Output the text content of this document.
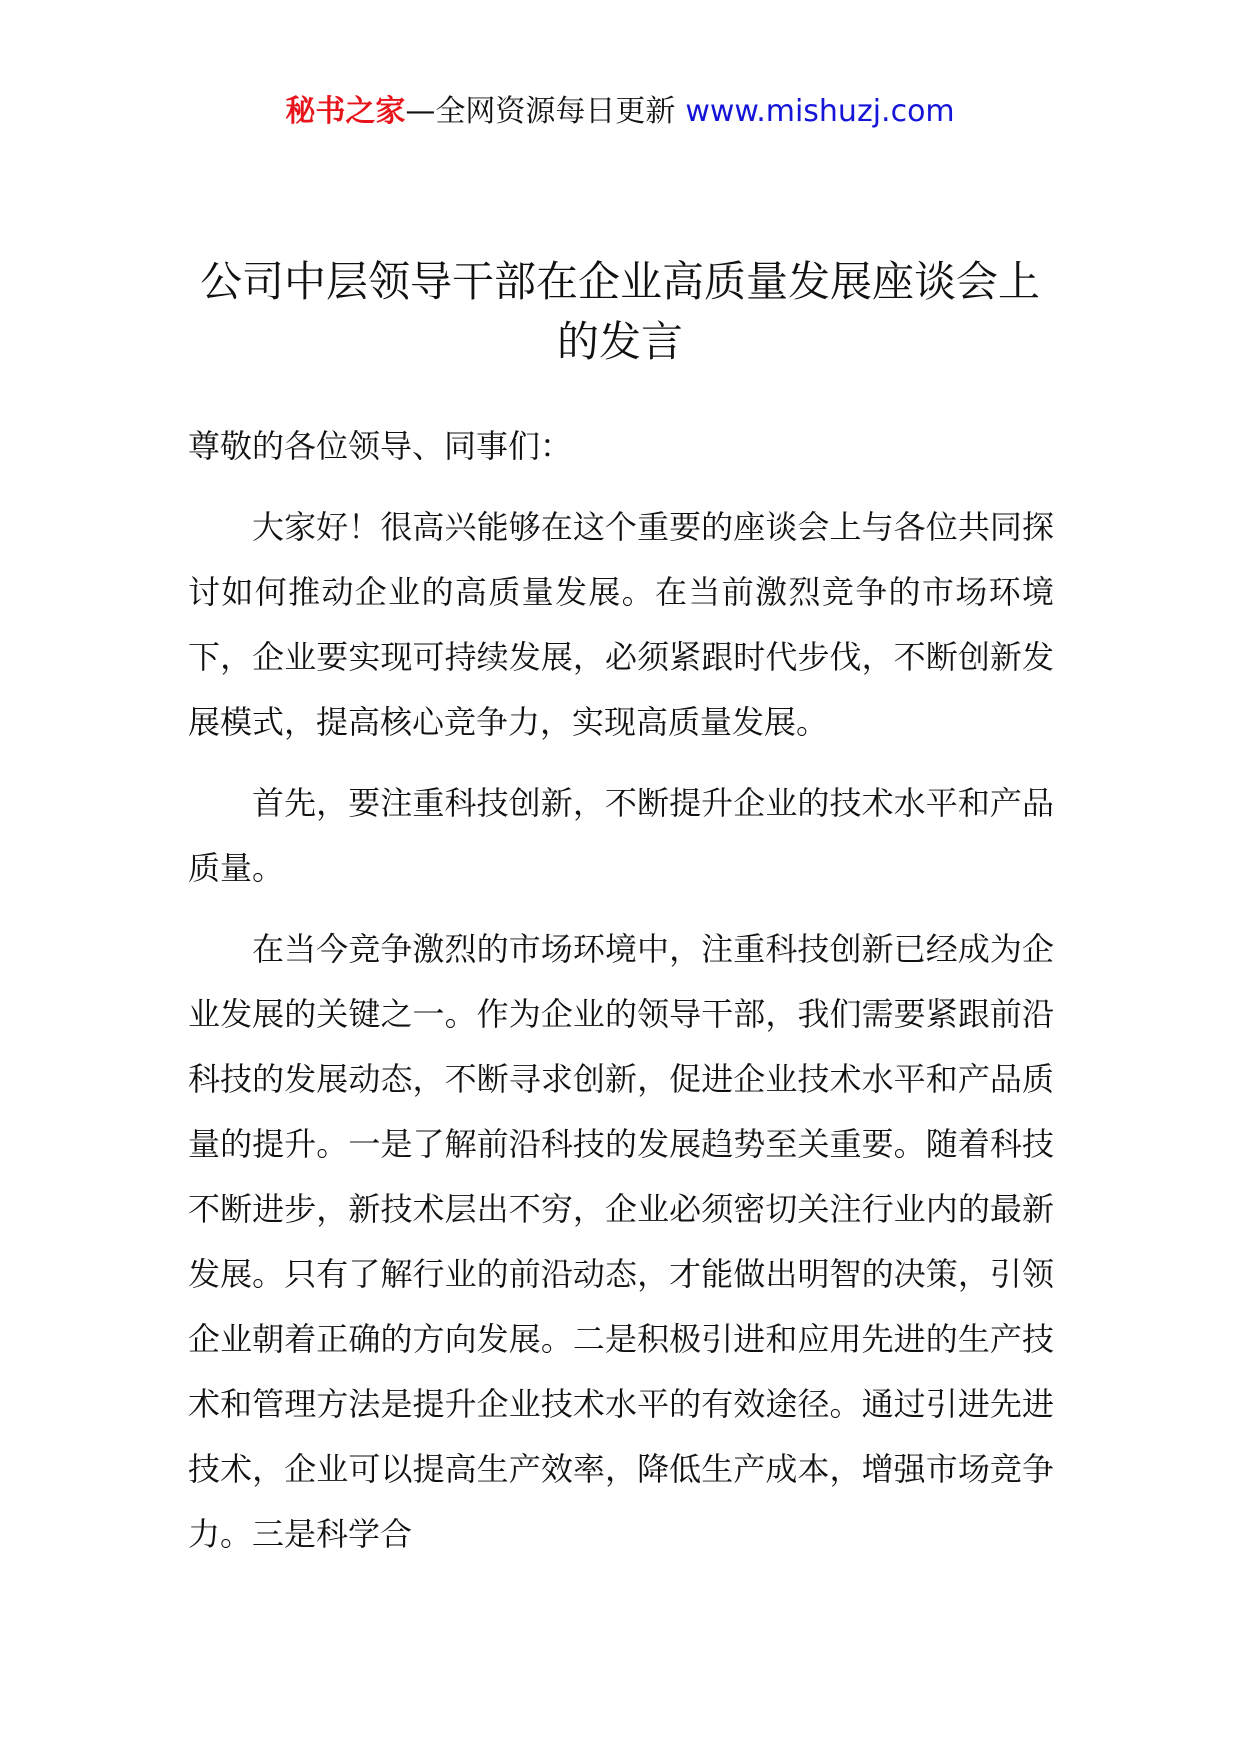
秘书之家—全网资源每日更新 www.mishuzj.com
公司中层领导干部在企业高质量发展座谈会上的发言

尊敬的各位领导、同事们：

大家好！很高兴能够在这个重要的座谈会上与各位共同探讨如何推动企业的高质量发展。在当前激烈竞争的市场环境下，企业要实现可持续发展，必须紧跟时代步伐，不断创新发展模式，提高核心竞争力，实现高质量发展。

首先，要注重科技创新，不断提升企业的技术水平和产品质量。

在当今竞争激烈的市场环境中，注重科技创新已经成为企业发展的关键之一。作为企业的领导干部，我们需要紧跟前沿科技的发展动态，不断寻求创新，促进企业技术水平和产品质量的提升。一是了解前沿科技的发展趋势至关重要。随着科技不断进步，新技术层出不穷，企业必须密切关注行业内的最新发展。只有了解行业的前沿动态，才能做出明智的决策，引领企业朝着正确的方向发展。二是积极引进和应用先进的生产技术和管理方法是提升企业技术水平的有效途径。通过引进先进技术，企业可以提高生产效率，降低生产成本，增强市场竞争力。三是科学合
